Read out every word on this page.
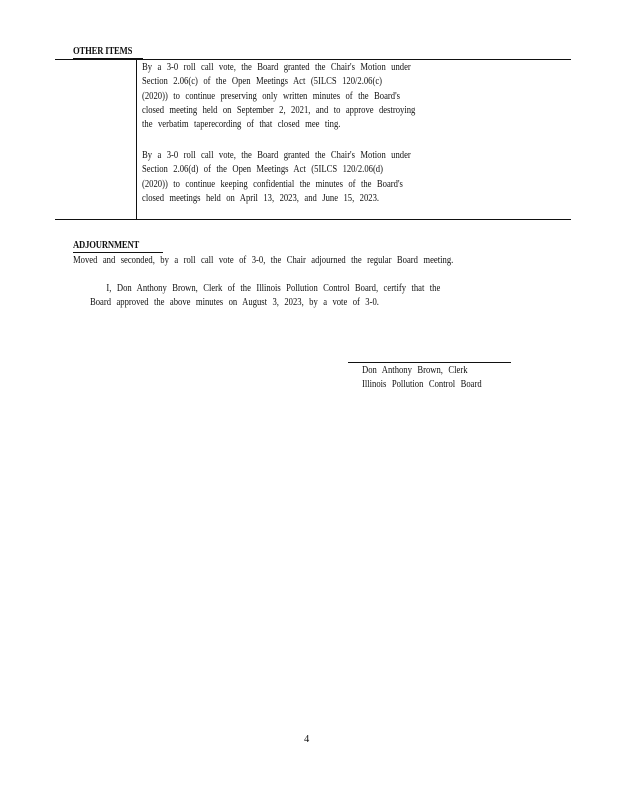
OTHER ITEMS
By a 3-0 roll call vote, the Board granted the Chair's Motion under
Section 2.06(c) of the Open Meetings Act (5ILCS 120/2.06(c)
(2020)) to continue preserving only written minutes of the Board's
closed meeting held on September 2, 2021, and to approve destroying
the verbatim taperecording of that closed mee ting.
By a 3-0 roll call vote, the Board granted the Chair's Motion under
Section 2.06(d) of the Open Meetings Act (5ILCS 120/2.06(d)
(2020)) to continue keeping confidential the minutes of the Board's
closed meetings held on April 13, 2023, and June 15, 2023.
ADJOURNMENT
Moved and seconded, by a roll call vote of 3-0, the Chair adjourned the regular Board meeting.
I, Don Anthony Brown, Clerk of the Illinois Pollution Control Board, certify that the
Board approved the above minutes on August 3, 2023, by a vote of 3-0.
Don Anthony Brown, Clerk
Illinois Pollution Control Board
4
